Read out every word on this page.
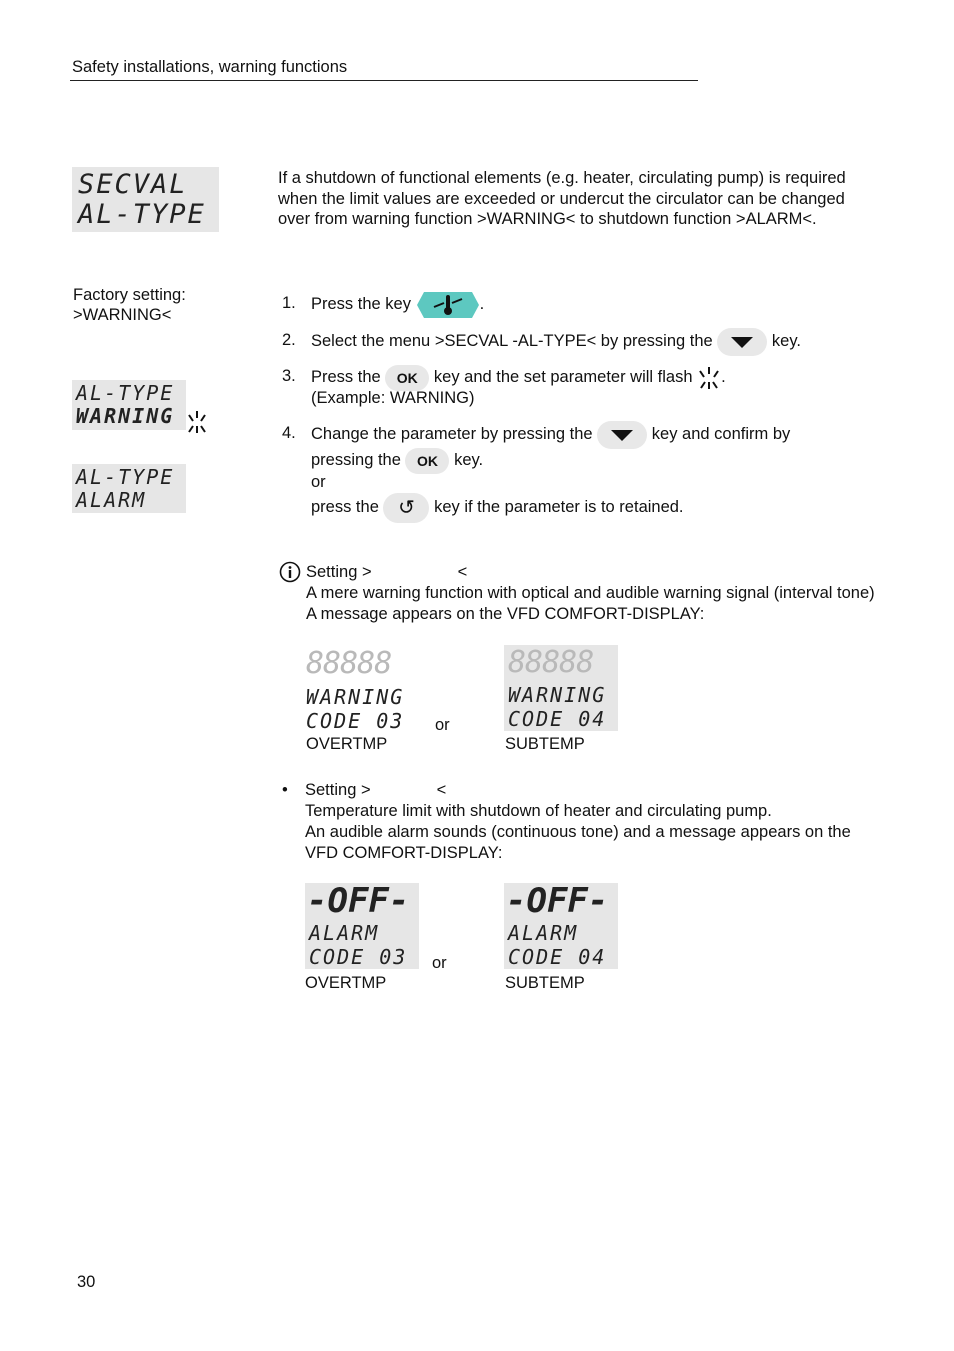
Safety installations, warning functions
SECVAL
AL-TYPE
If a shutdown of functional elements (e.g. heater, circulating pump) is required when the limit values are exceeded or undercut the circulator can be changed over from warning function >WARNING< to shutdown function >ALARM<.
Factory setting:
>WARNING<
AL-TYPE
WARNING
AL-TYPE
ALARM
1. Press the key	.
2. Select the menu >SECVAL -AL-TYPE< by pressing the	key.
3. Press the OK key and the set parameter will flash .
(Example: WARNING)
4. Change the parameter by pressing the	key and confirm by
pressing the OK key.
or
press the ↺ key if the parameter is to retained.
Setting >	<
A mere warning function with optical and audible warning signal (interval tone) A message appears on the VFD COMFORT-DISPLAY:
88888
WARNING
CODE 03 or
OVERTMP
88888
WARNING
CODE 04
SUBTEMP
• Setting >	<
Temperature limit with shutdown of heater and circulating pump.
An audible alarm sounds (continuous tone) and a message appears on the VFD COMFORT-DISPLAY:
-OFF-
ALARM
CODE 03 or
OVERTMP
-OFF-
ALARM
CODE 04
SUBTEMP
30
